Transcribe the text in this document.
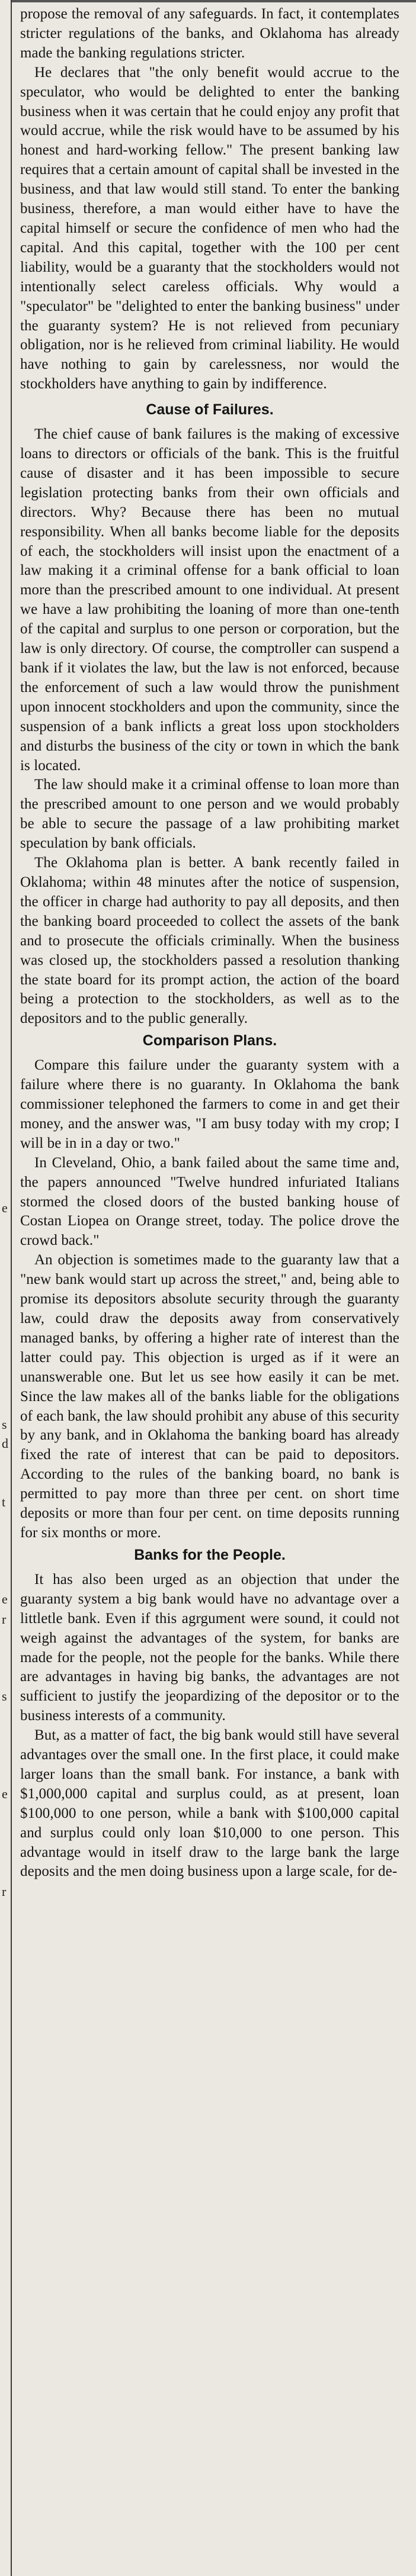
e
s
d
t
e
r
s
e
r

propose the removal of any safeguards. In fact, it contemplates stricter regulations of the banks, and Oklahoma has already made the banking regulations stricter.

He declares that "the only benefit would accrue to the speculator, who would be delighted to enter the banking business when it was certain that he could enjoy any profit that would accrue, while the risk would have to be assumed by his honest and hard-working fellow." The present banking law requires that a certain amount of capital shall be invested in the business, and that law would still stand. To enter the banking business, therefore, a man would either have to have the capital himself or secure the confidence of men who had the capital. And this capital, together with the 100 per cent liability, would be a guaranty that the stockholders would not intentionally select careless officials. Why would a "speculator" be "delighted to enter the banking business" under the guaranty system? He is not relieved from pecuniary obligation, nor is he relieved from criminal liability. He would have nothing to gain by carelessness, nor would the stockholders have anything to gain by indifference.

Cause of Failures.

The chief cause of bank failures is the making of excessive loans to directors or officials of the bank. This is the fruitful cause of disaster and it has been impossible to secure legislation protecting banks from their own officials and directors. Why? Because there has been no mutual responsibility. When all banks become liable for the deposits of each, the stockholders will insist upon the enactment of a law making it a criminal offense for a bank official to loan more than the prescribed amount to one individual. At present we have a law prohibiting the loaning of more than one-tenth of the capital and surplus to one person or corporation, but the law is only directory. Of course, the comptroller can suspend a bank if it violates the law, but the law is not enforced, because the enforcement of such a law would throw the punishment upon innocent stockholders and upon the community, since the suspension of a bank inflicts a great loss upon stockholders and disturbs the business of the city or town in which the bank is located.

The law should make it a criminal offense to loan more than the prescribed amount to one person and we would probably be able to secure the passage of a law prohibiting market speculation by bank officials.

The Oklahoma plan is better. A bank recently failed in Oklahoma; within 48 minutes after the notice of suspension, the officer in charge had authority to pay all deposits, and then the banking board proceeded to collect the assets of the bank and to prosecute the officials criminally. When the business was closed up, the stockholders passed a resolution thanking the state board for its prompt action, the action of the board being a protection to the stockholders, as well as to the depositors and to the public generally.

Comparison Plans.

Compare this failure under the guaranty system with a failure where there is no guaranty. In Oklahoma the bank commissioner telephoned the farmers to come in and get their money, and the answer was, "I am busy today with my crop; I will be in in a day or two."

In Cleveland, Ohio, a bank failed about the same time and, the papers announced "Twelve hundred infuriated Italians stormed the closed doors of the busted banking house of Costan Liopea on Orange street, today. The police drove the crowd back."

An objection is sometimes made to the guaranty law that a "new bank would start up across the street," and, being able to promise its depositors absolute security through the guaranty law, could draw the deposits away from conservatively managed banks, by offering a higher rate of interest than the latter could pay. This objection is urged as if it were an unanswerable one. But let us see how easily it can be met. Since the law makes all of the banks liable for the obligations of each bank, the law should prohibit any abuse of this security by any bank, and in Oklahoma the banking board has already fixed the rate of interest that can be paid to depositors. According to the rules of the banking board, no bank is permitted to pay more than three per cent. on short time deposits or more than four per cent. on time deposits running for six months or more.

Banks for the People.

It has also been urged as an objection that under the guaranty system a big bank would have no advantage over a littletle bank. Even if this agrgument were sound, it could not weigh against the advantages of the system, for banks are made for the people, not the people for the banks. While there are advantages in having big banks, the advantages are not sufficient to justify the jeopardizing of the depositor or to the business interests of a community.

But, as a matter of fact, the big bank would still have several advantages over the small one. In the first place, it could make larger loans than the small bank. For instance, a bank with $1,000,000 capital and surplus could, as at present, loan $100,000 to one person, while a bank with $100,000 capital and surplus could only loan $10,000 to one person. This advantage would in itself draw to the large bank the large deposits and the men doing business upon a large scale, for de-
